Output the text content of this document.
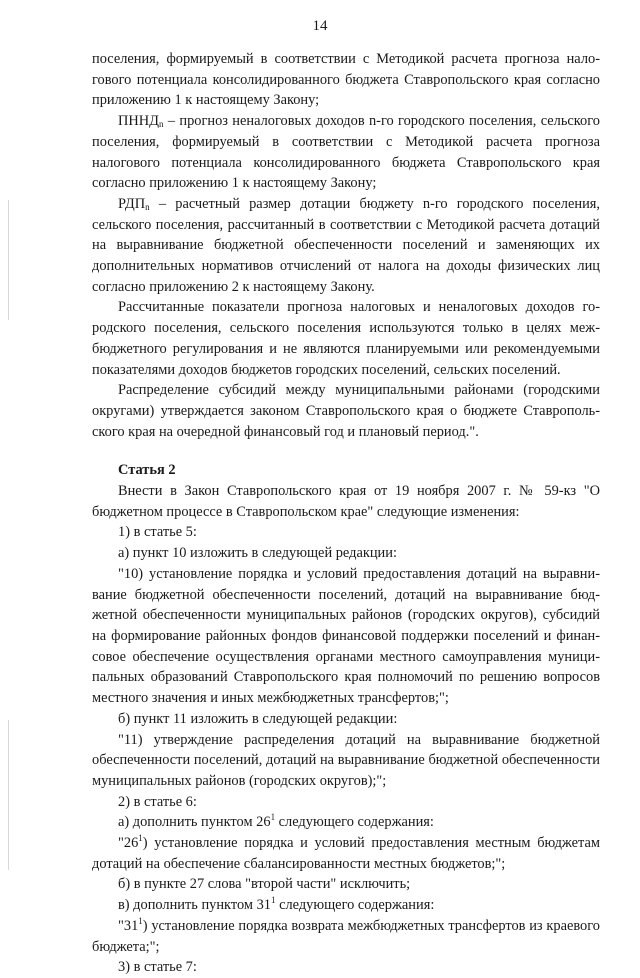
14

поселения, формируемый в соответствии с Методикой расчета прогноза налогового потенциала консолидированного бюджета Ставропольского края согласно приложению 1 к настоящему Закону;

$ПННД_n$ – прогноз неналоговых доходов n-го городского поселения, сельского поселения, формируемый в соответствии с Методикой расчета прогноза налогового потенциала консолидированного бюджета Ставропольского края согласно приложению 1 к настоящему Закону;

$РДП_n$ – расчетный размер дотации бюджету n-го городского поселения, сельского поселения, рассчитанный в соответствии с Методикой расчета дотаций на выравнивание бюджетной обеспеченности поселений и заменяющих их дополнительных нормативов отчислений от налога на доходы физических лиц согласно приложению 2 к настоящему Закону.

Рассчитанные показатели прогноза налоговых и неналоговых доходов городского поселения, сельского поселения используются только в целях межбюджетного регулирования и не являются планируемыми или рекомендуемыми показателями доходов бюджетов городских поселений, сельских поселений.

Распределение субсидий между муниципальными районами (городскими округами) утверждается законом Ставропольского края о бюджете Ставропольского края на очередной финансовый год и плановый период.".

Статья 2

Внести в Закон Ставропольского края от 19 ноября 2007 г. № 59-кз "О бюджетном процессе в Ставропольском крае" следующие изменения:

1) в статье 5:

а) пункт 10 изложить в следующей редакции:

"10) установление порядка и условий предоставления дотаций на выравнивание бюджетной обеспеченности поселений, дотаций на выравнивание бюджетной обеспеченности муниципальных районов (городских округов), субсидий на формирование районных фондов финансовой поддержки поселений и финансовое обеспечение осуществления органами местного самоуправления муниципальных образований Ставропольского края полномочий по решению вопросов местного значения и иных межбюджетных трансфертов;";

б) пункт 11 изложить в следующей редакции:

"11) утверждение распределения дотаций на выравнивание бюджетной обеспеченности поселений, дотаций на выравнивание бюджетной обеспеченности муниципальных районов (городских округов);";

2) в статье 6:

а) дополнить пунктом $26^1$ следующего содержания:

"$26^1$) установление порядка и условий предоставления местным бюджетам дотаций на обеспечение сбалансированности местных бюджетов;";

б) в пункте 27 слова "второй части" исключить;

в) дополнить пунктом $31^1$ следующего содержания:

"$31^1$) установление порядка возврата межбюджетных трансфертов из краевого бюджета;";

3) в статье 7:
